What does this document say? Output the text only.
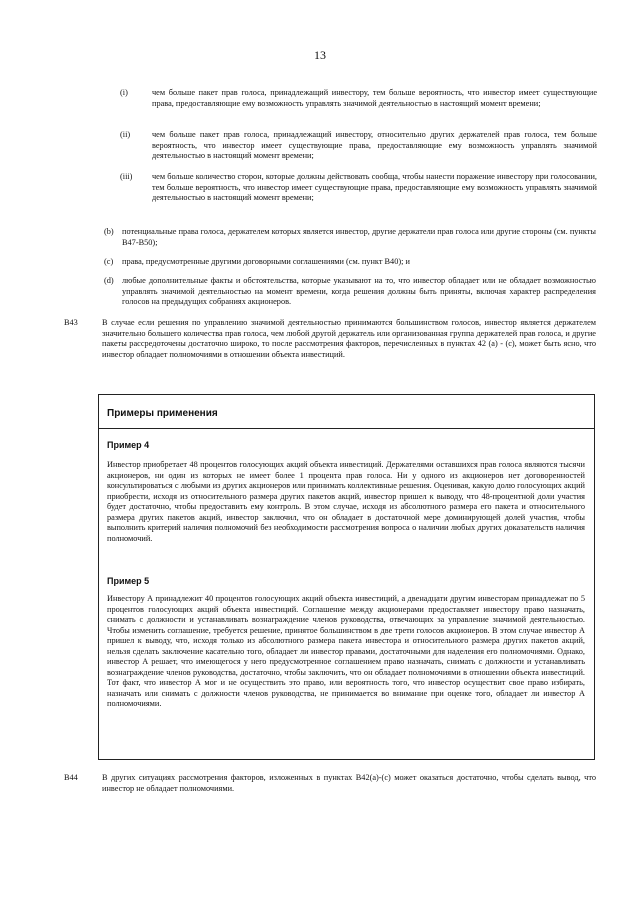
13
(i)	чем больше пакет прав голоса, принадлежащий инвестору, тем больше вероятность, что инвестор имеет существующие права, предоставляющие ему возможность управлять значимой деятельностью в настоящий момент времени;
(ii)	чем больше пакет прав голоса, принадлежащий инвестору, относительно других держателей прав голоса, тем больше вероятность, что инвестор имеет существующие права, предоставляющие ему возможность управлять значимой деятельностью в настоящий момент времени;
(iii)	чем больше количество сторон, которые должны действовать сообща, чтобы нанести поражение инвестору при голосовании, тем больше вероятность, что инвестор имеет существующие права, предоставляющие ему возможность управлять значимой деятельностью в настоящий момент времени;
(b)	потенциальные права голоса, держателем которых является инвестор, другие держатели прав голоса или другие стороны (см. пункты B47-B50);
(c)	права, предусмотренные другими договорными соглашениями (см. пункт B40); и
(d)	любые дополнительные факты и обстоятельства, которые указывают на то, что инвестор обладает или не обладает возможностью управлять значимой деятельностью на момент времени, когда решения должны быть приняты, включая характер распределения голосов на предыдущих собраниях акционеров.
B43	В случае если решения по управлению значимой деятельностью принимаются большинством голосов, инвестор является держателем значительно большего количества прав голоса, чем любой другой держатель или организованная группа держателей прав голоса, и другие пакеты рассредоточены достаточно широко, то после рассмотрения факторов, перечисленных в пунктах 42 (a) - (c), может быть ясно, что инвестор обладает полномочиями в отношении объекта инвестиций.
Примеры применения
Пример 4
Инвестор приобретает 48 процентов голосующих акций объекта инвестиций. Держателями оставшихся прав голоса являются тысячи акционеров, ни один из которых не имеет более 1 процента прав голоса. Ни у одного из акционеров нет договоренностей консультироваться с любыми из других акционеров или принимать коллективные решения. Оценивая, какую долю голосующих акций приобрести, исходя из относительного размера других пакетов акций, инвестор пришел к выводу, что 48-процентной доли участия будет достаточно, чтобы предоставить ему контроль. В этом случае, исходя из абсолютного размера его пакета и относительного размера других пакетов акций, инвестор заключил, что он обладает в достаточной мере доминирующей долей участия, чтобы выполнить критерий наличия полномочий без необходимости рассмотрения вопроса о наличии любых других доказательств наличия полномочий.
Пример 5
Инвестору А принадлежит 40 процентов голосующих акций объекта инвестиций, а двенадцати другим инвесторам принадлежат по 5 процентов голосующих акций объекта инвестиций. Соглашение между акционерами предоставляет инвестору право назначать, снимать с должности и устанавливать вознаграждение членов руководства, отвечающих за управление значимой деятельностью. Чтобы изменить соглашение, требуется решение, принятое большинством в две трети голосов акционеров. В этом случае инвестор А пришел к выводу, что, исходя только из абсолютного размера пакета инвестора и относительного размера других пакетов акций, нельзя сделать заключение касательно того, обладает ли инвестор правами, достаточными для наделения его полномочиями. Однако, инвестор А решает, что имеющегося у него предусмотренное соглашением право назначать, снимать с должности и устанавливать вознаграждение членов руководства, достаточно, чтобы заключить, что он обладает полномочиями в отношении объекта инвестиций. Тот факт, что инвестор А мог и не осуществить это право, или вероятность того, что инвестор осуществит свое право избирать, назначать или снимать с должности членов руководства, не принимается во внимание при оценке того, обладает ли инвестор А полномочиями.
B44	В других ситуациях рассмотрения факторов, изложенных в пунктах B42(a)-(c) может оказаться достаточно, чтобы сделать вывод, что инвестор не обладает полномочиями.
